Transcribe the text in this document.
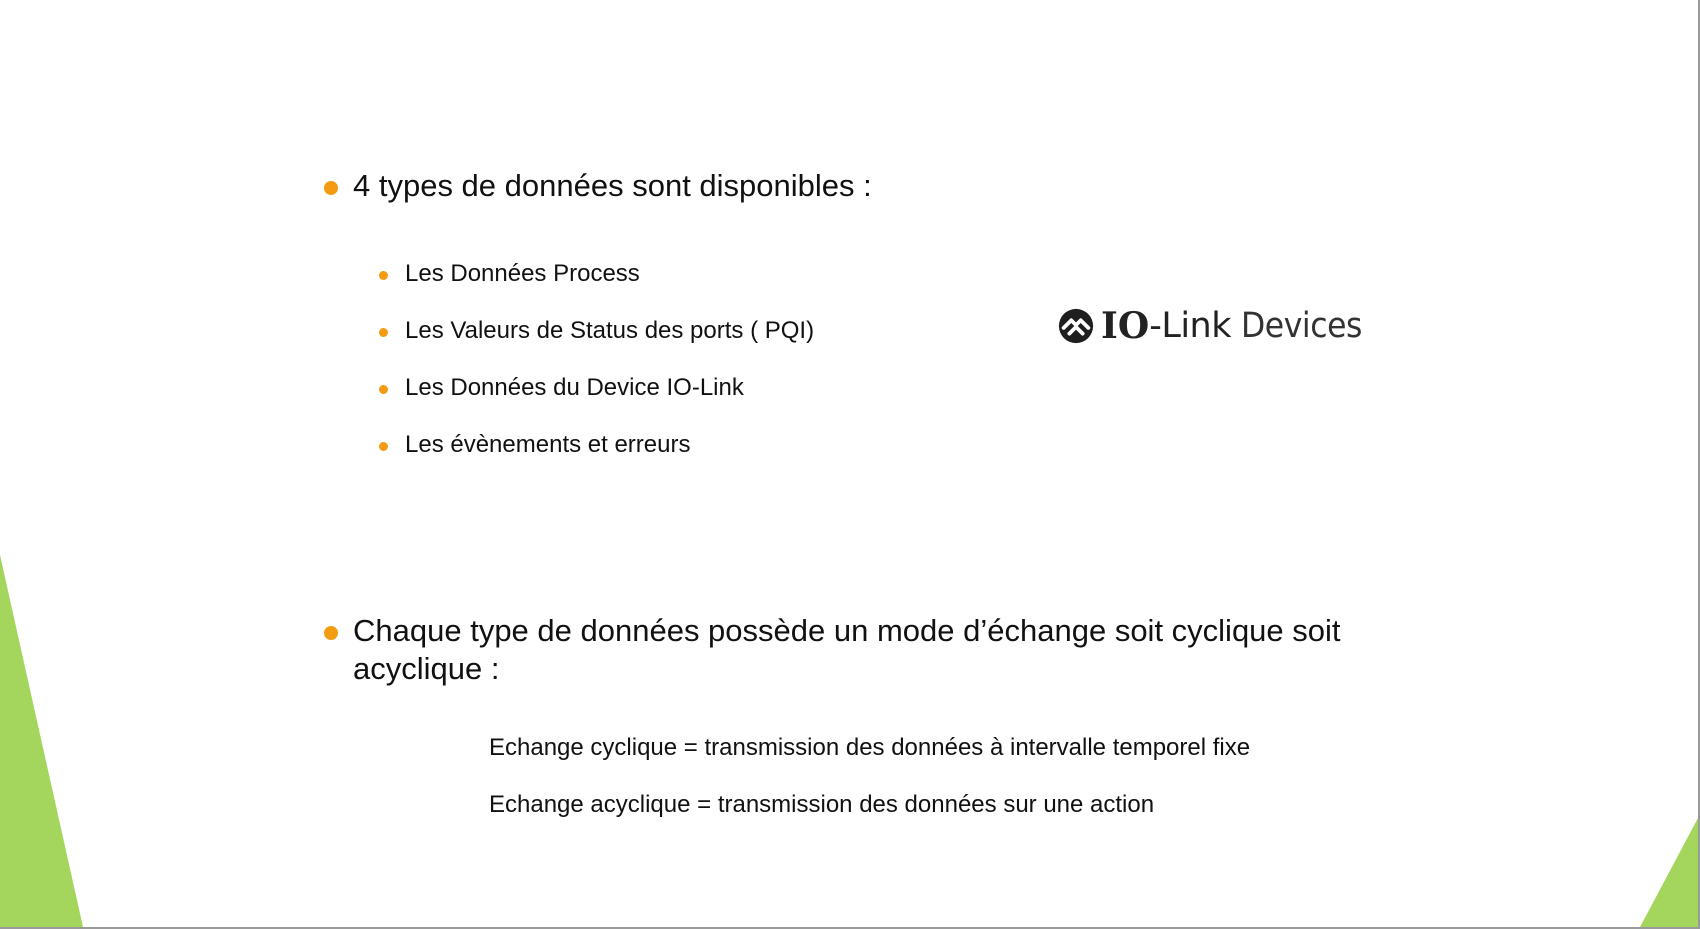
4 types de données sont disponibles :
Les Données Process
Les Valeurs de Status des ports ( PQI)
Les Données du Device IO-Link
Les évènements et erreurs
IO -Link Devices
Chaque type de données possède un mode d’échange soit cyclique soit
acyclique :
Echange cyclique = transmission des données à intervalle temporel fixe
Echange acyclique = transmission des données sur une action
